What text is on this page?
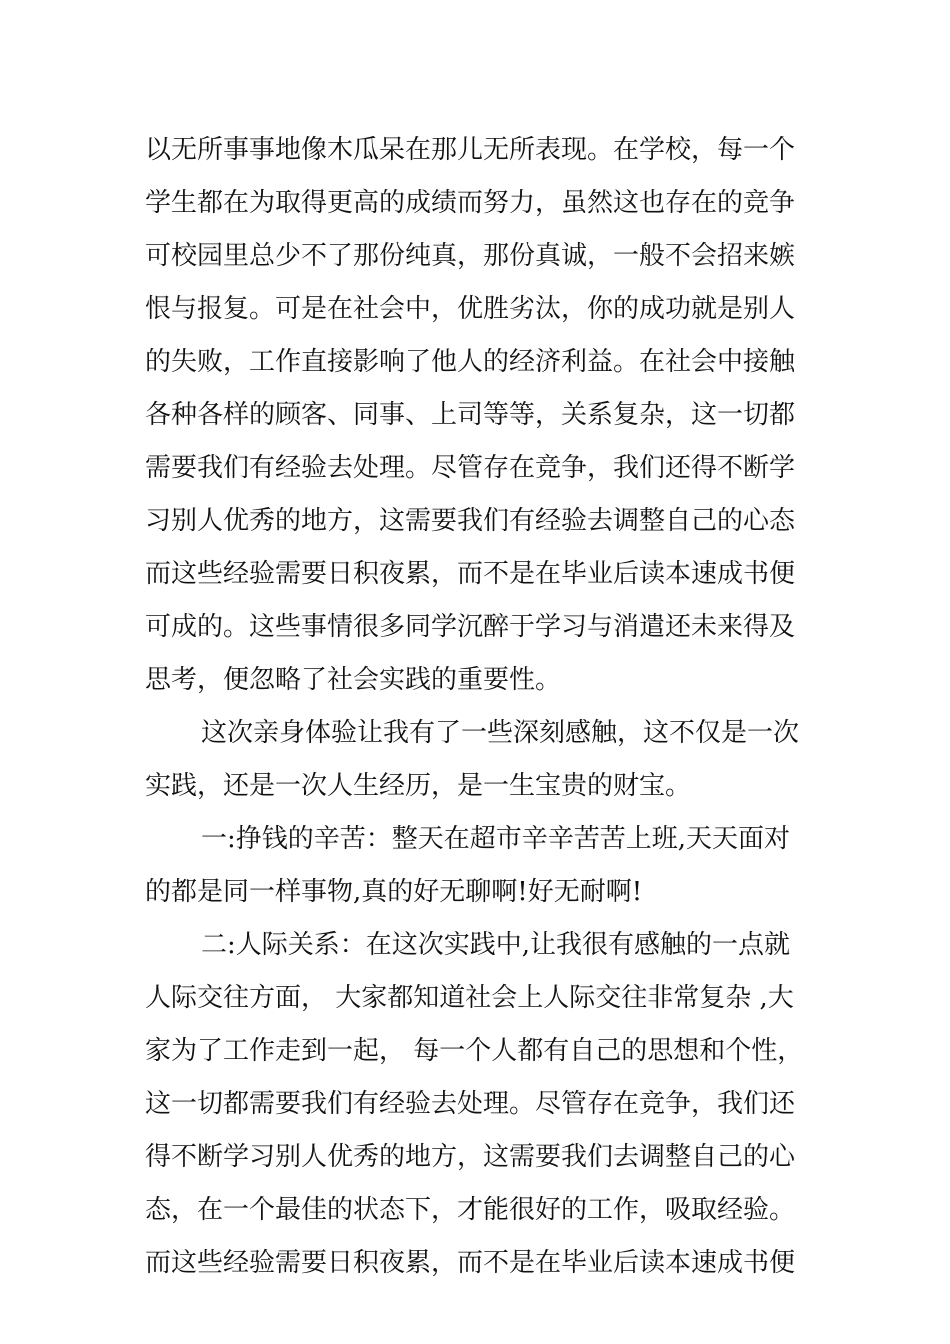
以无所事事地像木瓜呆在那儿无所表现。在学校，每一个
学生都在为取得更高的成绩而努力，虽然这也存在的竞争
可校园里总少不了那份纯真，那份真诚，一般不会招来嫉
恨与报复。可是在社会中，优胜劣汰，你的成功就是别人
的失败，工作直接影响了他人的经济利益。在社会中接触
各种各样的顾客、同事、上司等等，关系复杂，这一切都
需要我们有经验去处理。尽管存在竞争，我们还得不断学
习别人优秀的地方，这需要我们有经验去调整自己的心态
而这些经验需要日积夜累，而不是在毕业后读本速成书便
可成的。这些事情很多同学沉醉于学习与消遣还未来得及
思考，便忽略了社会实践的重要性。
这次亲身体验让我有了一些深刻感触，这不仅是一次
实践，还是一次人生经历，是一生宝贵的财宝。
一:挣钱的辛苦：整天在超市辛辛苦苦上班,天天面对
的都是同一样事物,真的好无聊啊!好无耐啊!
二:人际关系：在这次实践中,让我很有感触的一点就
人际交往方面， 大家都知道社会上人际交往非常复杂 ,大
家为了工作走到一起， 每一个人都有自己的思想和个性，
这一切都需要我们有经验去处理。尽管存在竞争，我们还
得不断学习别人优秀的地方，这需要我们去调整自己的心
态，在一个最佳的状态下，才能很好的工作，吸取经验。
而这些经验需要日积夜累，而不是在毕业后读本速成书便
